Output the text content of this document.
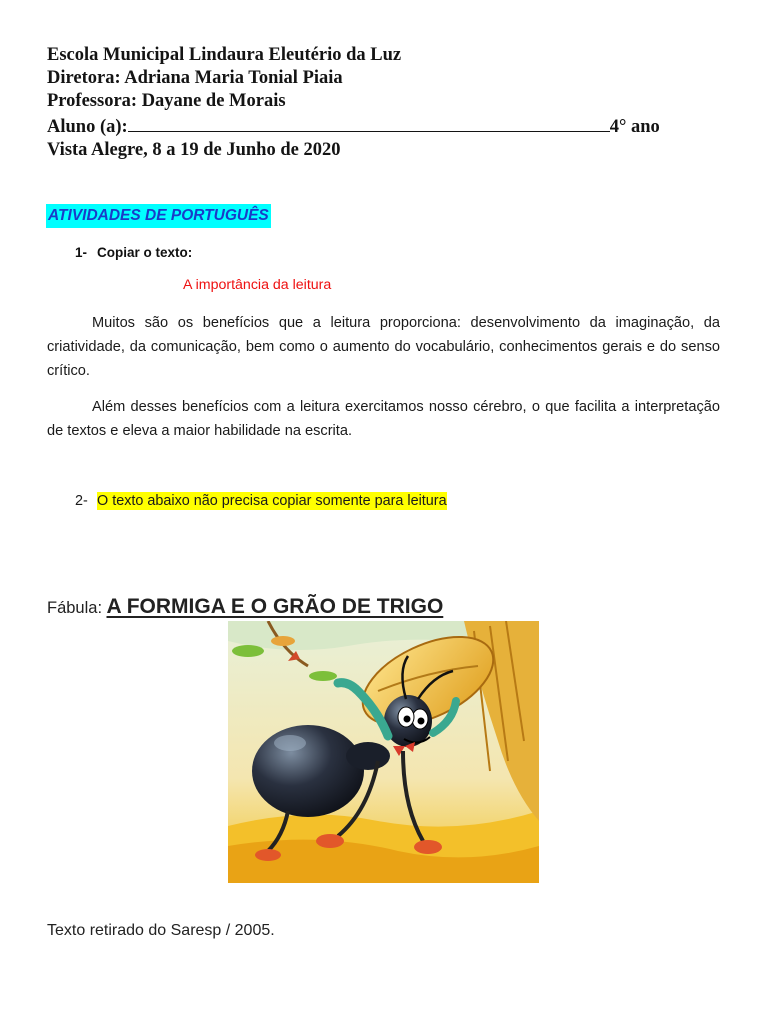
Escola Municipal Lindaura Eleutério da Luz
Diretora: Adriana Maria Tonial Piaia
Professora: Dayane de Morais
Aluno (a):	4° ano
Vista Alegre, 8 a 19 de Junho de 2020
ATIVIDADES DE PORTUGUÊS
1- Copiar o texto:
A importância da leitura

Muitos são os benefícios que a leitura proporciona: desenvolvimento da imaginação, da criatividade, da comunicação, bem como o aumento do vocabulário, conhecimentos gerais e do senso crítico.

Além desses benefícios com a leitura exercitamos nosso cérebro, o que facilita a interpretação de textos e eleva a maior habilidade na escrita.

2- O texto abaixo não precisa copiar somente para leitura
Fábula: A FORMIGA E O GRÃO DE TRIGO
Texto retirado do Saresp / 2005.
